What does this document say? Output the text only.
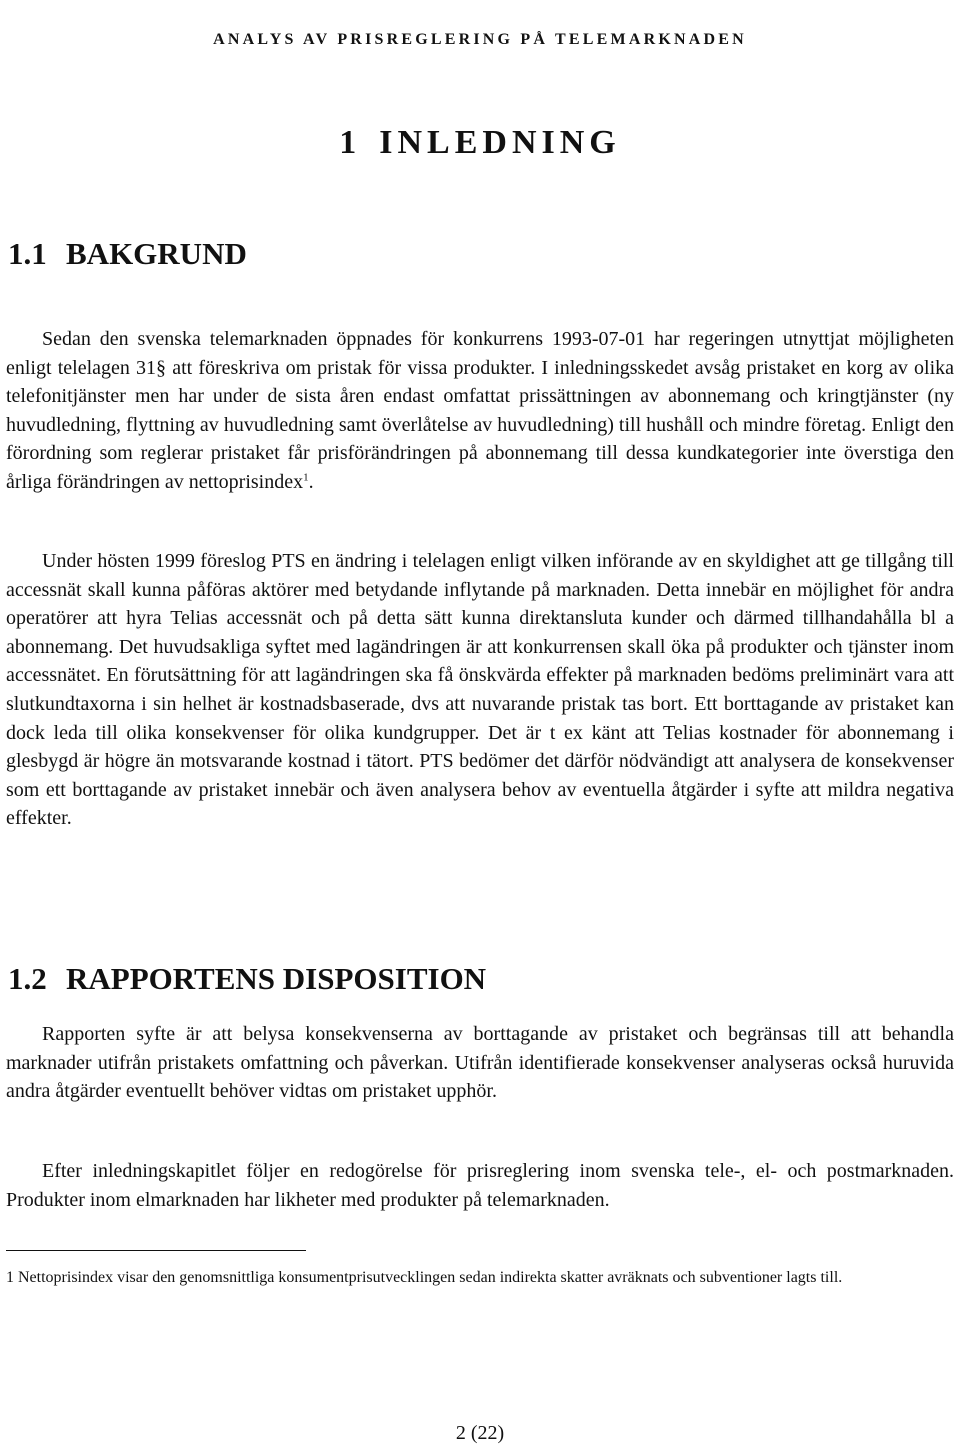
ANALYS AV PRISREGLERING PÅ TELEMARKNADEN
1 INLEDNING
1.1 BAKGRUND

Sedan den svenska telemarknaden öppnades för konkurrens 1993-07-01 har regeringen utnyttjat möjligheten enligt telelagen 31§ att föreskriva om pristak för vissa produkter. I inledningsskedet avsåg pristaket en korg av olika telefonitjänster men har under de sista åren endast omfattat prissättningen av abonnemang och kringtjänster (ny huvudledning, flyttning av huvudledning samt överlåtelse av huvudledning) till hushåll och mindre företag. Enligt den förordning som reglerar pristaket får prisförändringen på abonnemang till dessa kundkategorier inte överstiga den årliga förändringen av nettoprisindex$^1$.

Under hösten 1999 föreslog PTS en ändring i telelagen enligt vilken införande av en skyldighet att ge tillgång till accessnät skall kunna påföras aktörer med betydande inflytande på marknaden. Detta innebär en möjlighet för andra operatörer att hyra Telias accessnät och på detta sätt kunna direktansluta kunder och därmed tillhandahålla bl a abonnemang. Det huvudsakliga syftet med lagändringen är att konkurrensen skall öka på produkter och tjänster inom accessnätet. En förutsättning för att lagändringen ska få önskvärda effekter på marknaden bedöms preliminärt vara att slutkundtaxorna i sin helhet är kostnadsbaserade, dvs att nuvarande pristak tas bort. Ett borttagande av pristaket kan dock leda till olika konsekvenser för olika kundgrupper. Det är t ex känt att Telias kostnader för abonnemang i glesbygd är högre än motsvarande kostnad i tätort. PTS bedömer det därför nödvändigt att analysera de konsekvenser som ett borttagande av pristaket innebär och även analysera behov av eventuella åtgärder i syfte att mildra negativa effekter.

1.2 RAPPORTENS DISPOSITION

Rapporten syfte är att belysa konsekvenserna av borttagande av pristaket och begränsas till att behandla marknader utifrån pristakets omfattning och påverkan. Utifrån identifierade konsekvenser analyseras också huruvida andra åtgärder eventuellt behöver vidtas om pristaket upphör.

Efter inledningskapitlet följer en redogörelse för prisreglering inom svenska tele-, el- och postmarknaden. Produkter inom elmarknaden har likheter med produkter på telemarknaden.

1 Nettoprisindex visar den genomsnittliga konsumentprisutvecklingen sedan indirekta skatter avräknats och subventioner lagts till.
2 (22)
